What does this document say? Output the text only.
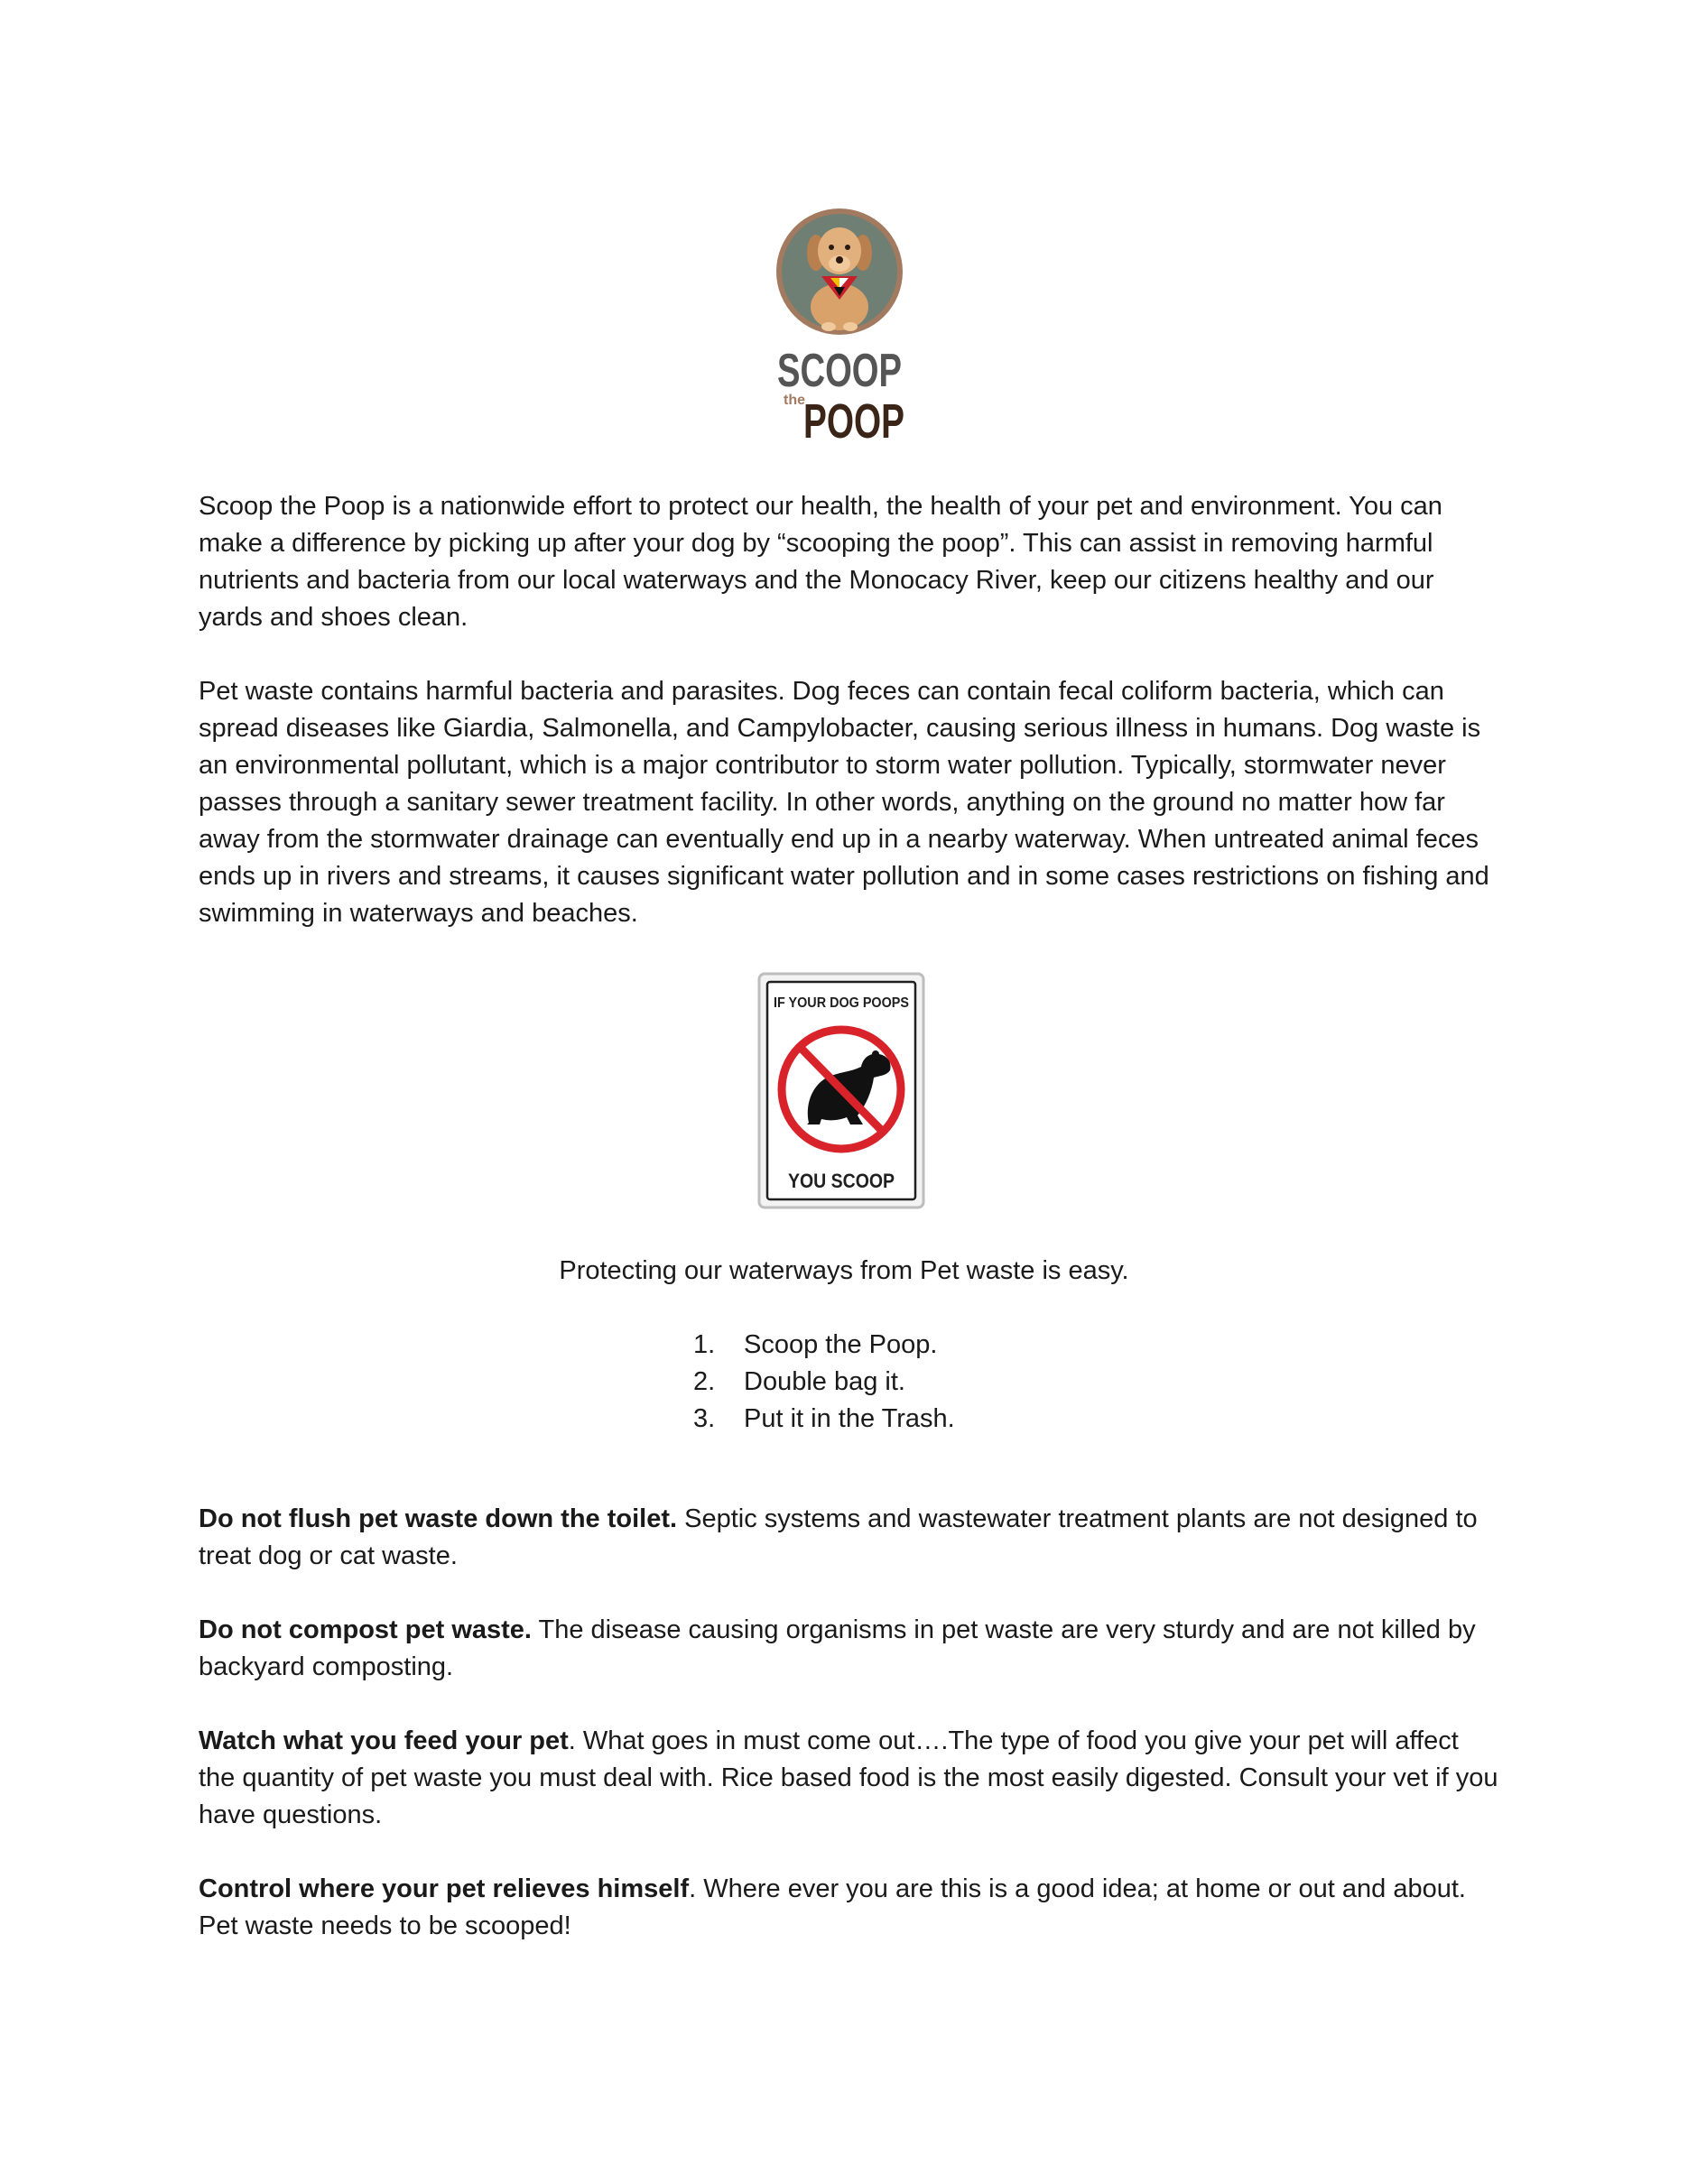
SCOOP
the
POOP

Scoop the Poop is a nationwide effort to protect our health, the health of your pet and environment. You can make a difference by picking up after your dog by “scooping the poop”. This can assist in removing harmful nutrients and bacteria from our local waterways and the Monocacy River, keep our citizens healthy and our yards and shoes clean.

Pet waste contains harmful bacteria and parasites. Dog feces can contain fecal coliform bacteria, which can spread diseases like Giardia, Salmonella, and Campylobacter, causing serious illness in humans. Dog waste is an environmental pollutant, which is a major contributor to storm water pollution. Typically, stormwater never passes through a sanitary sewer treatment facility. In other words, anything on the ground no matter how far away from the stormwater drainage can eventually end up in a nearby waterway. When untreated animal feces ends up in rivers and streams, it causes significant water pollution and in some cases restrictions on fishing and swimming in waterways and beaches.

IF YOUR DOG POOPS
YOU SCOOP
Protecting our waterways from Pet waste is easy.
1.	Scoop the Poop.
2.	Double bag it.
3.	Put it in the Trash.

Do not flush pet waste down the toilet. Septic systems and wastewater treatment plants are not designed to treat dog or cat waste.

Do not compost pet waste. The disease causing organisms in pet waste are very sturdy and are not killed by backyard composting.

Watch what you feed your pet. What goes in must come out….The type of food you give your pet will affect the quantity of pet waste you must deal with. Rice based food is the most easily digested. Consult your vet if you have questions.

Control where your pet relieves himself. Where ever you are this is a good idea; at home or out and about. Pet waste needs to be scooped!
